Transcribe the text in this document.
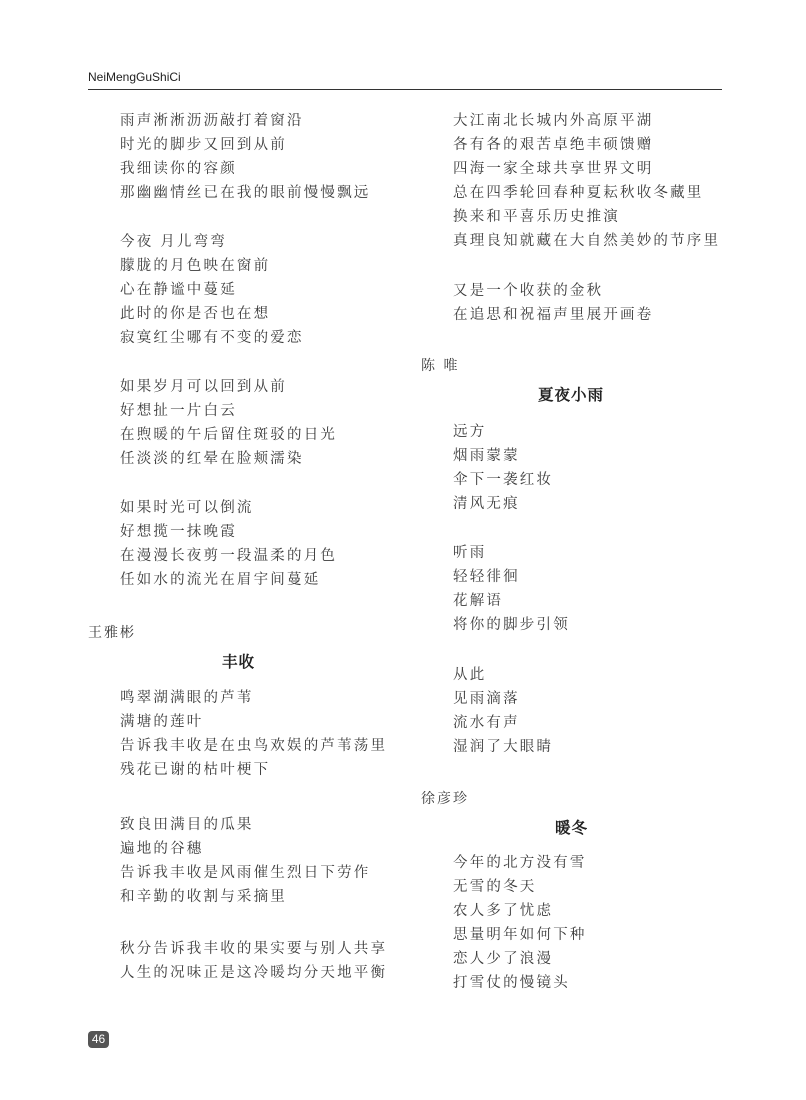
NeiMengGuShiCi
雨声淅淅沥沥敲打着窗沿
时光的脚步又回到从前
我细读你的容颜
那幽幽情丝已在我的眼前慢慢飘远
今夜 月儿弯弯
朦胧的月色映在窗前
心在静谧中蔓延
此时的你是否也在想
寂寞红尘哪有不变的爱恋
如果岁月可以回到从前
好想扯一片白云
在煦暖的午后留住斑驳的日光
任淡淡的红晕在脸颊濡染
如果时光可以倒流
好想揽一抹晚霞
在漫漫长夜剪一段温柔的月色
任如水的流光在眉宇间蔓延
王雅彬
丰收
鸣翠湖满眼的芦苇
满塘的莲叶
告诉我丰收是在虫鸟欢娱的芦苇荡里
残花已谢的枯叶梗下
致良田满目的瓜果
遍地的谷穗
告诉我丰收是风雨催生烈日下劳作
和辛勤的收割与采摘里
秋分告诉我丰收的果实要与别人共享
人生的况味正是这冷暖均分天地平衡
大江南北长城内外高原平湖
各有各的艰苦卓绝丰硕馈赠
四海一家全球共享世界文明
总在四季轮回春种夏耘秋收冬藏里
换来和平喜乐历史推演
真理良知就藏在大自然美妙的节序里
又是一个收获的金秋
在追思和祝福声里展开画卷
陈 唯
夏夜小雨
远方
烟雨蒙蒙
伞下一袭红妆
清风无痕
听雨
轻轻徘徊
花解语
将你的脚步引领
从此
见雨滴落
流水有声
湿润了大眼睛
徐彦珍
暖冬
今年的北方没有雪
无雪的冬天
农人多了忧虑
思量明年如何下种
恋人少了浪漫
打雪仗的慢镜头
46
